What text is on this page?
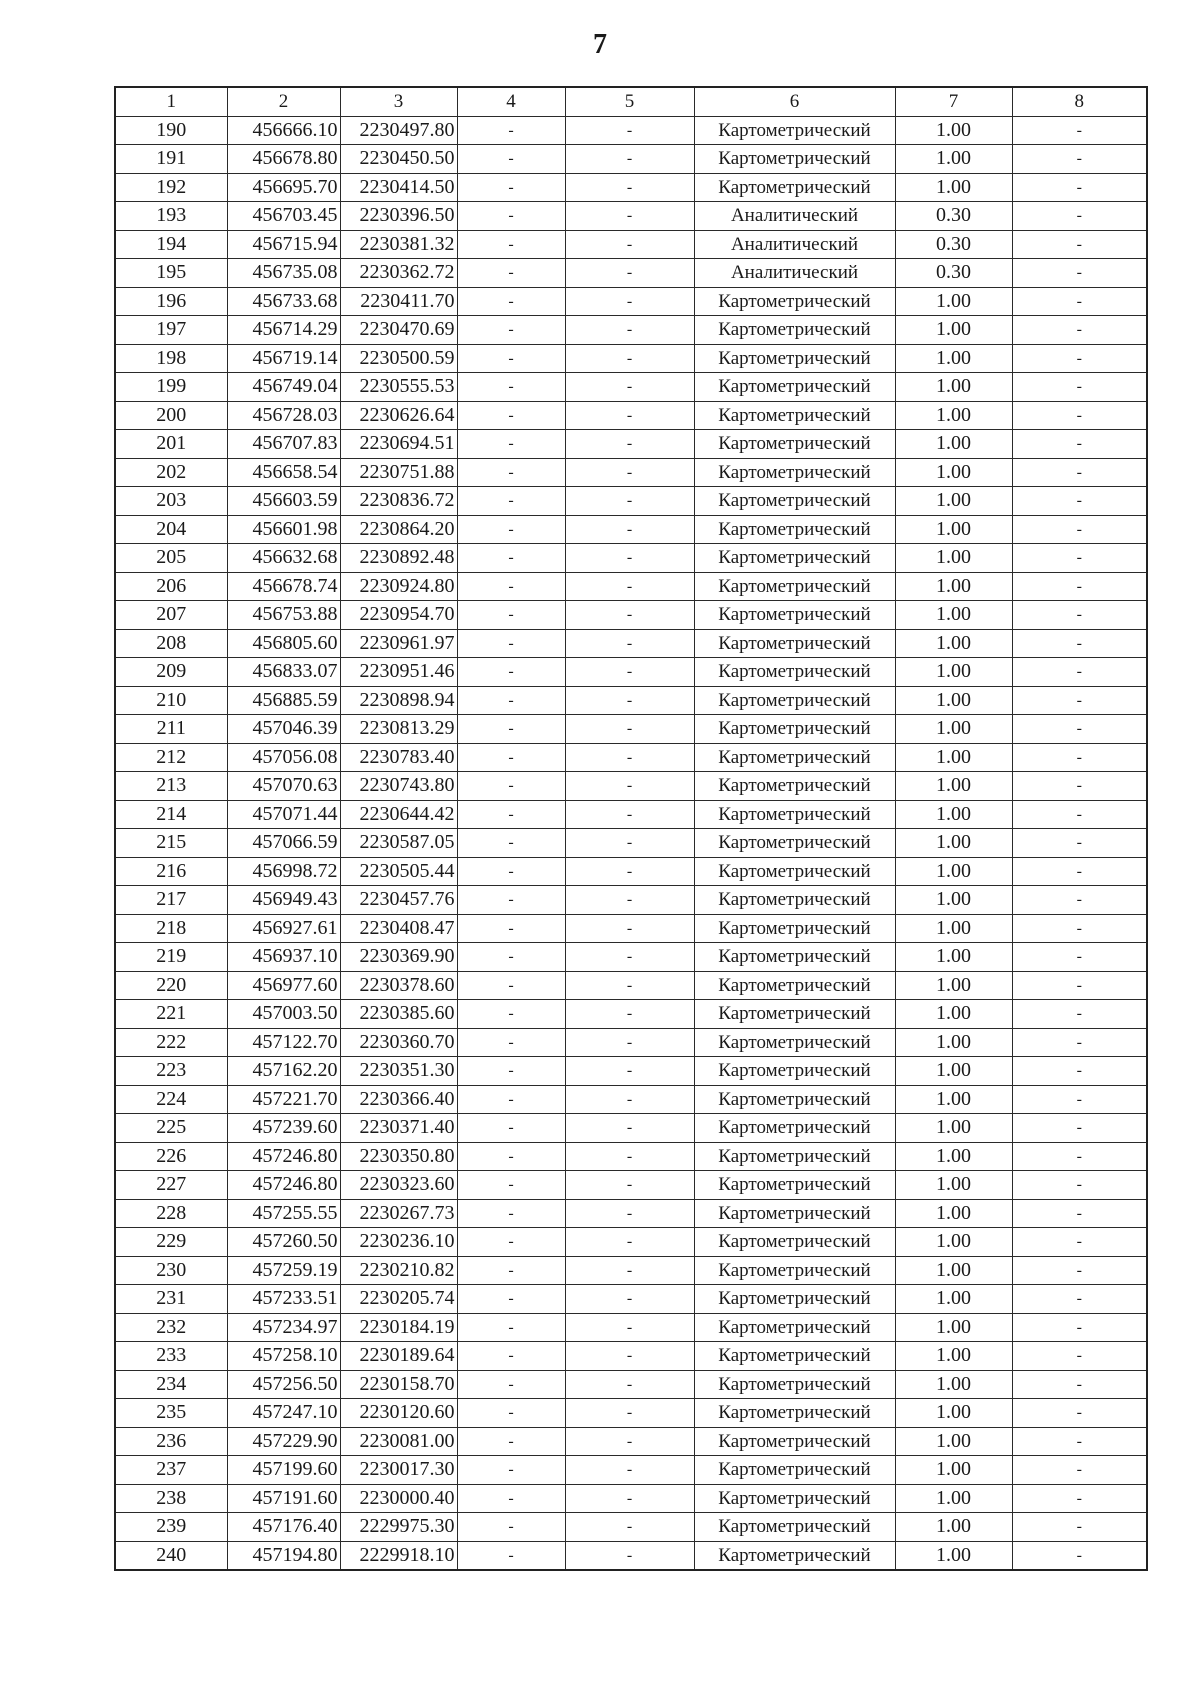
7
1	2	3	4	5	6	7	8
190	456666.10	2230497.80	-	-	Картометрический	1.00	-
191	456678.80	2230450.50	-	-	Картометрический	1.00	-
192	456695.70	2230414.50	-	-	Картометрический	1.00	-
193	456703.45	2230396.50	-	-	Аналитический	0.30	-
194	456715.94	2230381.32	-	-	Аналитический	0.30	-
195	456735.08	2230362.72	-	-	Аналитический	0.30	-
196	456733.68	2230411.70	-	-	Картометрический	1.00	-
197	456714.29	2230470.69	-	-	Картометрический	1.00	-
198	456719.14	2230500.59	-	-	Картометрический	1.00	-
199	456749.04	2230555.53	-	-	Картометрический	1.00	-
200	456728.03	2230626.64	-	-	Картометрический	1.00	-
201	456707.83	2230694.51	-	-	Картометрический	1.00	-
202	456658.54	2230751.88	-	-	Картометрический	1.00	-
203	456603.59	2230836.72	-	-	Картометрический	1.00	-
204	456601.98	2230864.20	-	-	Картометрический	1.00	-
205	456632.68	2230892.48	-	-	Картометрический	1.00	-
206	456678.74	2230924.80	-	-	Картометрический	1.00	-
207	456753.88	2230954.70	-	-	Картометрический	1.00	-
208	456805.60	2230961.97	-	-	Картометрический	1.00	-
209	456833.07	2230951.46	-	-	Картометрический	1.00	-
210	456885.59	2230898.94	-	-	Картометрический	1.00	-
211	457046.39	2230813.29	-	-	Картометрический	1.00	-
212	457056.08	2230783.40	-	-	Картометрический	1.00	-
213	457070.63	2230743.80	-	-	Картометрический	1.00	-
214	457071.44	2230644.42	-	-	Картометрический	1.00	-
215	457066.59	2230587.05	-	-	Картометрический	1.00	-
216	456998.72	2230505.44	-	-	Картометрический	1.00	-
217	456949.43	2230457.76	-	-	Картометрический	1.00	-
218	456927.61	2230408.47	-	-	Картометрический	1.00	-
219	456937.10	2230369.90	-	-	Картометрический	1.00	-
220	456977.60	2230378.60	-	-	Картометрический	1.00	-
221	457003.50	2230385.60	-	-	Картометрический	1.00	-
222	457122.70	2230360.70	-	-	Картометрический	1.00	-
223	457162.20	2230351.30	-	-	Картометрический	1.00	-
224	457221.70	2230366.40	-	-	Картометрический	1.00	-
225	457239.60	2230371.40	-	-	Картометрический	1.00	-
226	457246.80	2230350.80	-	-	Картометрический	1.00	-
227	457246.80	2230323.60	-	-	Картометрический	1.00	-
228	457255.55	2230267.73	-	-	Картометрический	1.00	-
229	457260.50	2230236.10	-	-	Картометрический	1.00	-
230	457259.19	2230210.82	-	-	Картометрический	1.00	-
231	457233.51	2230205.74	-	-	Картометрический	1.00	-
232	457234.97	2230184.19	-	-	Картометрический	1.00	-
233	457258.10	2230189.64	-	-	Картометрический	1.00	-
234	457256.50	2230158.70	-	-	Картометрический	1.00	-
235	457247.10	2230120.60	-	-	Картометрический	1.00	-
236	457229.90	2230081.00	-	-	Картометрический	1.00	-
237	457199.60	2230017.30	-	-	Картометрический	1.00	-
238	457191.60	2230000.40	-	-	Картометрический	1.00	-
239	457176.40	2229975.30	-	-	Картометрический	1.00	-
240	457194.80	2229918.10	-	-	Картометрический	1.00	-
